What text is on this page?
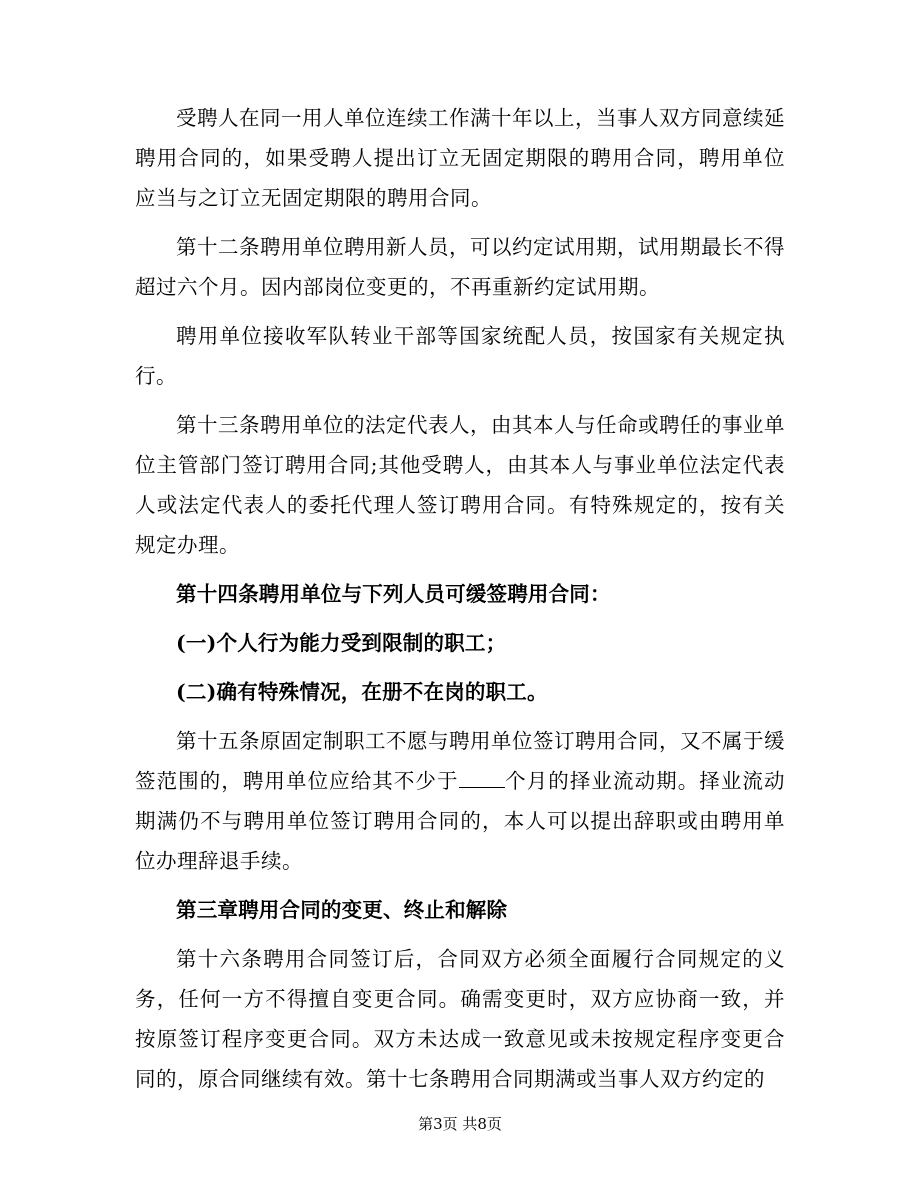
受聘人在同一用人单位连续工作满十年以上，当事人双方同意续延聘用合同的，如果受聘人提出订立无固定期限的聘用合同，聘用单位应当与之订立无固定期限的聘用合同。

第十二条聘用单位聘用新人员，可以约定试用期，试用期最长不得超过六个月。因内部岗位变更的，不再重新约定试用期。

聘用单位接收军队转业干部等国家统配人员，按国家有关规定执行。

第十三条聘用单位的法定代表人，由其本人与任命或聘任的事业单位主管部门签订聘用合同;其他受聘人，由其本人与事业单位法定代表人或法定代表人的委托代理人签订聘用合同。有特殊规定的，按有关规定办理。

第十四条聘用单位与下列人员可缓签聘用合同：

(一)个人行为能力受到限制的职工；

(二)确有特殊情况，在册不在岗的职工。

第十五条原固定制职工不愿与聘用单位签订聘用合同，又不属于缓签范围的，聘用单位应给其不少于 个月的择业流动期。择业流动期满仍不与聘用单位签订聘用合同的，本人可以提出辞职或由聘用单位办理辞退手续。

第三章聘用合同的变更、终止和解除

第十六条聘用合同签订后，合同双方必须全面履行合同规定的义务，任何一方不得擅自变更合同。确需变更时，双方应协商一致，并按原签订程序变更合同。双方未达成一致意见或未按规定程序变更合同的，原合同继续有效。第十七条聘用合同期满或当事人双方约定的

第3页 共8页
